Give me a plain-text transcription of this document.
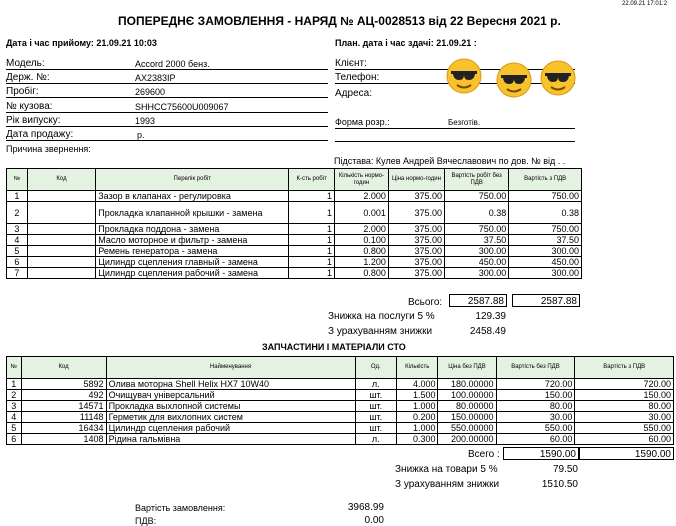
22.09.21 17:01:2
ПОПЕРЕДНЄ ЗАМОВЛЕННЯ - НАРЯД № АЦ-0028513 від 22 Вересня 2021 р.
Дата і час прийому: 21.09.21 10:03	План. дата і час здачі: 21.09.21 :
Модель:	Accord 2000 бенз.
Держ. №:	AX2383IP
Пробіг:	269600
№ кузова:	SHHCC75600U009067
Рік випуску:	1993
Дата продажу:	р.
Причина звернення:
Клієнт:
Телефон:
Адреса:
Форма розр.:	Безготів.
Підстава: Кулев Андрей Вячеславович по дов. № від . .
№	Код	Перелік робіт	К-сть робіт	Кількість нормо-годин	Ціна нормо-годин	Вартість робіт без ПДВ	Вартість з ПДВ
1		Зазор в клапанах - регулировка	1	2.000	375.00	750.00	750.00
2		Прокладка клапанной крышки - замена	1	0.001	375.00	0.38	0.38
3		Прокладка поддона - замена	1	2.000	375.00	750.00	750.00
4		Масло моторное и фильтр - замена	1	0.100	375.00	37.50	37.50
5		Ремень генератора - замена	1	0.800	375.00	300.00	300.00
6		Цилиндр сцепления главный - замена	1	1.200	375.00	450.00	450.00
7		Цилиндр сцепления рабочий - замена	1	0.800	375.00	300.00	300.00
Всього:	2587.88	2587.88
Знижка на послуги 5 %	129.39
З урахуванням знижки	2458.49
ЗАПЧАСТИНИ І МАТЕРІАЛИ СТО
№	Код	Найменування	Од.	Кількість	Ціна без ПДВ	Вартість без ПДВ	Вартість з ПДВ
1	5892	Олива моторна Shell Helix HX7 10W40	л.	4.000	180.00000	720.00	720.00
2	492	Очищувач універсальний	шт.	1.500	100.00000	150.00	150.00
3	14571	Прокладка выхлопной системы	шт.	1.000	80.00000	80.00	80.00
4	11148	Герметик для вихлопних систем	шт.	0.200	150.00000	30.00	30.00
5	16434	Цилиндр сцепления рабочий	шт.	1.000	550.00000	550.00	550.00
6	1408	Рідина гальмівна	л.	0.300	200.00000	60.00	60.00
Всего :	1590.00	1590.00
Знижка на товари 5 %	79.50
З урахуванням знижки	1510.50
Вартість замовлення:	3968.99
ПДВ:	0.00
